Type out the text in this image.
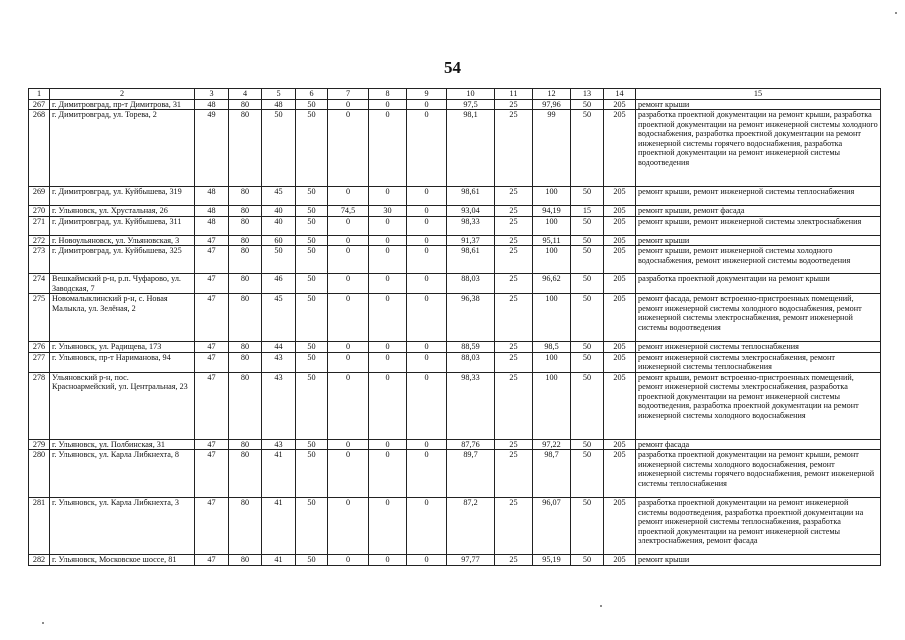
54
1	2	3	4	5	6	7	8	9	10	11	12	13	14	15
267	г. Димитровград, пр-т Димитрова, 31	48	80	48	50	0	0	0	97,5	25	97,96	50	205	ремонт крыши
268	г. Димитровград, ул. Торева, 2	49	80	50	50	0	0	0	98,1	25	99	50	205	разработка проектной документации на ремонт крыши, разработка проектной документации на ремонт инженерной системы холодного водоснабжения, разработка проектной документации на ремонт инженерной системы горячего водоснабжения, разработка проектной документации на ремонт инженерной системы водоотведения
269	г. Димитровград, ул. Куйбышева, 319	48	80	45	50	0	0	0	98,61	25	100	50	205	ремонт крыши, ремонт инженерной системы теплоснабжения
270	г. Ульяновск, ул. Хрустальная, 26	48	80	40	50	74,5	30	0	93,04	25	94,19	15	205	ремонт крыши, ремонт фасада
271	г. Димитровград, ул. Куйбышева, 311	48	80	40	50	0	0	0	98,33	25	100	50	205	ремонт крыши, ремонт инженерной системы электроснабжения
272	г. Новоульяновск, ул. Ульяновская, 3	47	80	60	50	0	0	0	91,37	25	95,11	50	205	ремонт крыши
273	г. Димитровград, ул. Куйбышева, 325	47	80	50	50	0	0	0	98,61	25	100	50	205	ремонт крыши, ремонт инженерной системы холодного водоснабжения, ремонт инженерной системы водоотведения
274	Вешкаймский р-н, р.п. Чуфарово, ул. Заводская, 7	47	80	46	50	0	0	0	88,03	25	96,62	50	205	разработка проектной документации на ремонт крыши
275	Новомалыклинский р-н, с. Новая Малыкла, ул. Зелёная, 2	47	80	45	50	0	0	0	96,38	25	100	50	205	ремонт фасада, ремонт встроенно-пристроенных помещений, ремонт инженерной системы холодного водоснабжения, ремонт инженерной системы электроснабжения, ремонт инженерной системы водоотведения
276	г. Ульяновск, ул. Радищева, 173	47	80	44	50	0	0	0	88,59	25	98,5	50	205	ремонт инженерной системы теплоснабжения
277	г. Ульяновск, пр-т Нариманова, 94	47	80	43	50	0	0	0	88,03	25	100	50	205	ремонт инженерной системы электроснабжения, ремонт инженерной системы теплоснабжения
278	Ульяновский р-н, пос. Красноармейский, ул. Центральная, 23	47	80	43	50	0	0	0	98,33	25	100	50	205	ремонт крыши, ремонт встроенно-пристроенных помещений, ремонт инженерной системы электроснабжения, разработка проектной документации на ремонт инженерной системы водоотведения, разработка проектной документации на ремонт инженерной системы холодного водоснабжения
279	г. Ульяновск, ул. Полбинская, 31	47	80	43	50	0	0	0	87,76	25	97,22	50	205	ремонт фасада
280	г. Ульяновск, ул. Карла Либкнехта, 8	47	80	41	50	0	0	0	89,7	25	98,7	50	205	разработка проектной документации на ремонт крыши, ремонт инженерной системы холодного водоснабжения, ремонт инженерной системы горячего водоснабжения, ремонт инженерной системы теплоснабжения
281	г. Ульяновск, ул. Карла Либкнехта, 3	47	80	41	50	0	0	0	87,2	25	96,07	50	205	разработка проектной документации на ремонт инженерной системы водоотведения, разработка проектной документации на ремонт инженерной системы теплоснабжения, разработка проектной документации на ремонт инженерной системы электроснабжения, ремонт фасада
282	г. Ульяновск, Московское шоссе, 81	47	80	41	50	0	0	0	97,77	25	95,19	50	205	ремонт крыши
